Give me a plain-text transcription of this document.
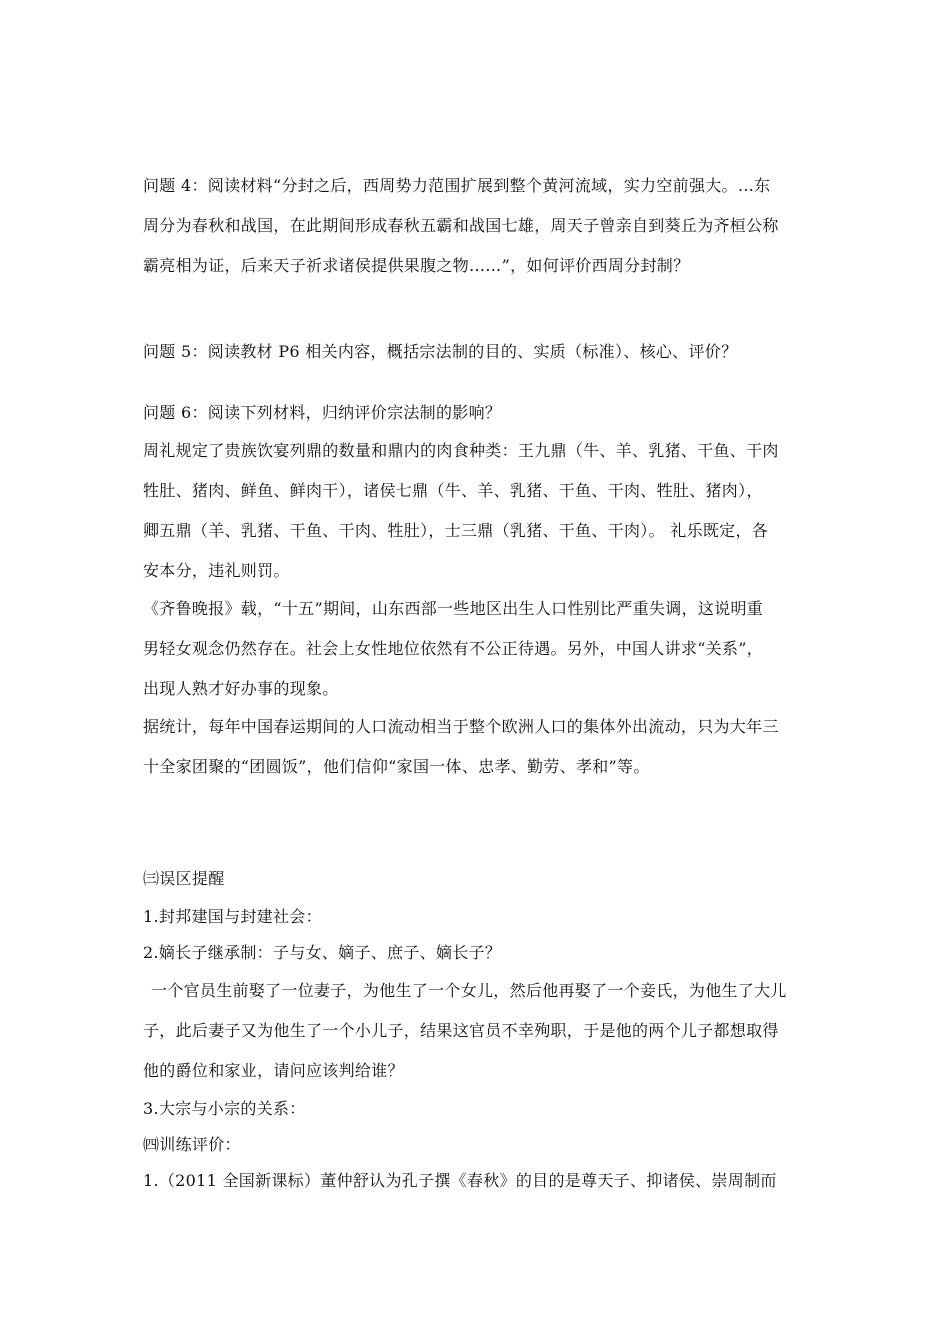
问题 4：阅读材料“分封之后，西周势力范围扩展到整个黄河流域，实力空前强大。…东
周分为春秋和战国，在此期间形成春秋五霸和战国七雄，周天子曾亲自到葵丘为齐桓公称
霸亮相为证，后来天子祈求诸侯提供果腹之物……”，如何评价西周分封制？
问题 5：阅读教材 P6 相关内容，概括宗法制的目的、实质（标准）、核心、评价？
问题 6：阅读下列材料，归纳评价宗法制的影响？
周礼规定了贵族饮宴列鼎的数量和鼎内的肉食种类：王九鼎（牛、羊、乳猪、干鱼、干肉
牲肚、猪肉、鲜鱼、鲜肉干），诸侯七鼎（牛、羊、乳猪、干鱼、干肉、牲肚、猪肉），
卿五鼎（羊、乳猪、干鱼、干肉、牲肚），士三鼎（乳猪、干鱼、干肉）。 礼乐既定，各
安本分，违礼则罚。
《齐鲁晚报》载，“十五”期间，山东西部一些地区出生人口性别比严重失调，这说明重
男轻女观念仍然存在。社会上女性地位依然有不公正待遇。另外，中国人讲求“关系”，
出现人熟才好办事的现象。
据统计，每年中国春运期间的人口流动相当于整个欧洲人口的集体外出流动，只为大年三
十全家团聚的“团圆饭”，他们信仰“家国一体、忠孝、勤劳、孝和”等。
㈢误区提醒
1.封邦建国与封建社会：
2.嫡长子继承制：子与女、嫡子、庶子、嫡长子？
一个官员生前娶了一位妻子，为他生了一个女儿，然后他再娶了一个妾氏，为他生了大儿
子，此后妻子又为他生了一个小儿子，结果这官员不幸殉职，于是他的两个儿子都想取得
他的爵位和家业，请问应该判给谁？
3.大宗与小宗的关系：
㈣训练评价：
1.（2011 全国新课标）董仲舒认为孔子撰《春秋》的目的是尊天子、抑诸侯、崇周制而
